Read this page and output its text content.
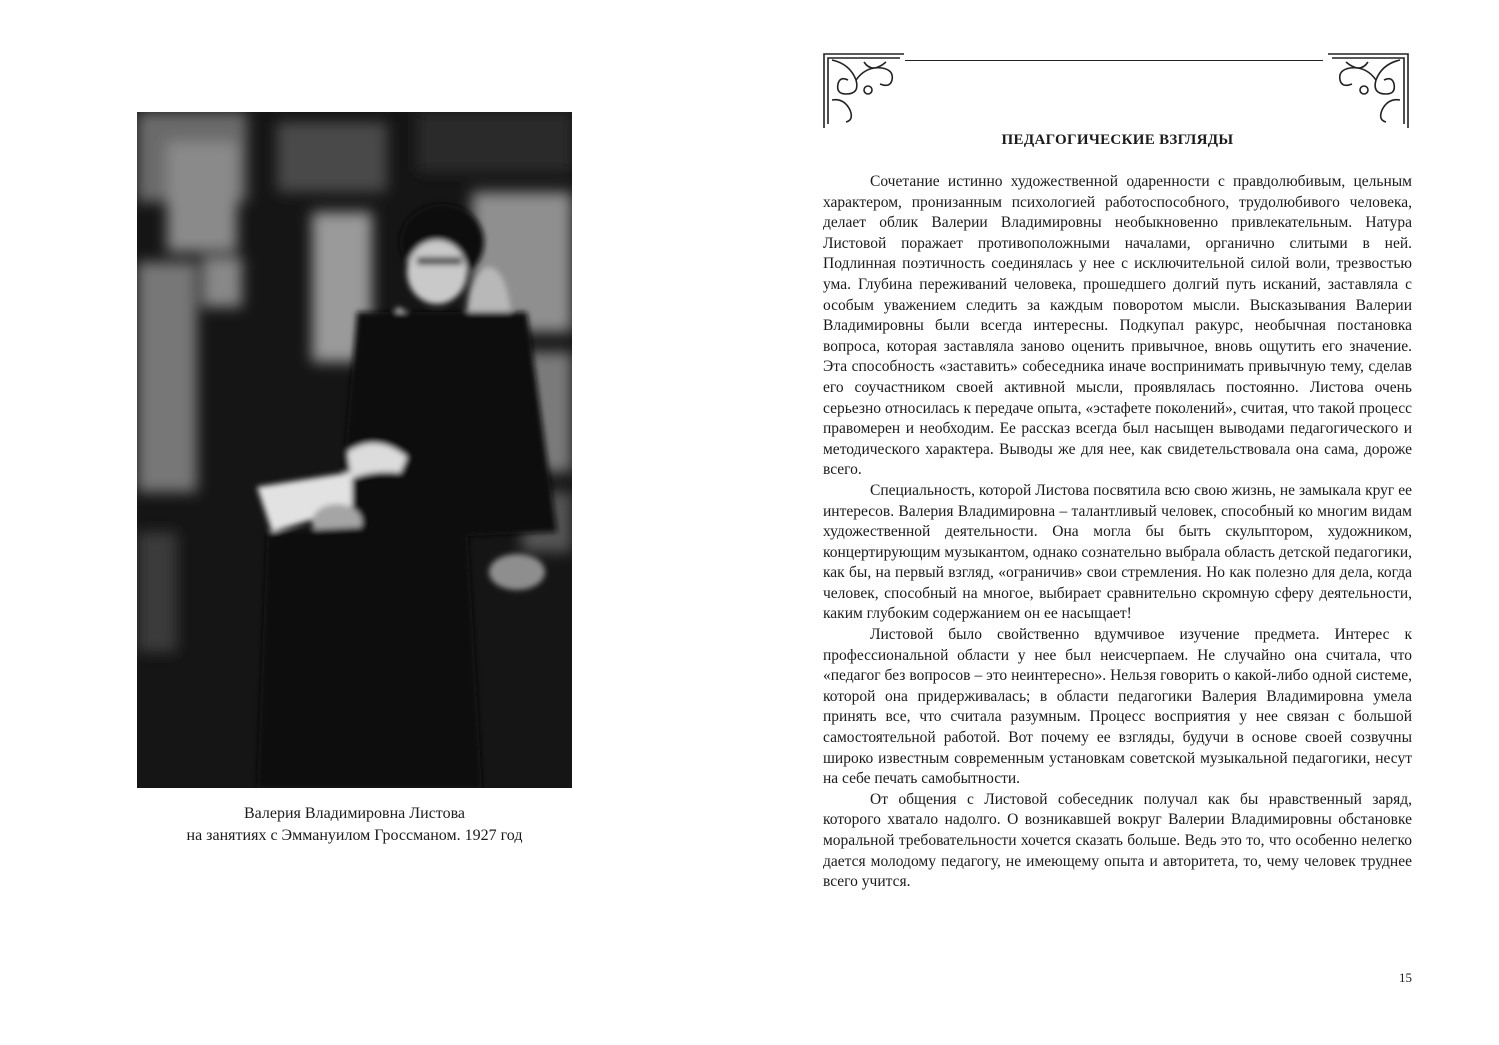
Валерия Владимировна Листова
на занятиях с Эммануилом Гроссманом. 1927 год
ПЕДАГОГИЧЕСКИЕ ВЗГЛЯДЫ

Сочетание истинно художественной одаренности с правдолюбивым, цельным характером, пронизанным психологией работоспособного, трудолюбивого человека, делает облик Валерии Владимировны необыкновенно привлекательным. Натура Листовой поражает противоположными началами, органично слитыми в ней. Подлинная поэтичность соединялась у нее с исключительной силой воли, трезвостью ума. Глубина переживаний человека, прошедшего долгий путь исканий, заставляла с особым уважением следить за каждым поворотом мысли. Высказывания Валерии Владимировны были всегда интересны. Подкупал ракурс, необычная постановка вопроса, которая заставляла заново оценить привычное, вновь ощутить его значение. Эта способность «заставить» собеседника иначе воспринимать привычную тему, сделав его соучастником своей активной мысли, проявлялась постоянно. Листова очень серьезно относилась к передаче опыта, «эстафете поколений», считая, что такой процесс правомерен и необходим. Ее рассказ всегда был насыщен выводами педагогического и методического характера. Выводы же для нее, как свидетельствовала она сама, дороже всего.

Специальность, которой Листова посвятила всю свою жизнь, не замыкала круг ее интересов. Валерия Владимировна – талантливый человек, способный ко многим видам художественной деятельности. Она могла бы быть скульптором, художником, концертирующим музыкантом, однако сознательно выбрала область детской педагогики, как бы, на первый взгляд, «ограничив» свои стремления. Но как полезно для дела, когда человек, способный на многое, выбирает сравнительно скромную сферу деятельности, каким глубоким содержанием он ее насыщает!

Листовой было свойственно вдумчивое изучение предмета. Интерес к профессиональной области у нее был неисчерпаем. Не случайно она считала, что «педагог без вопросов – это неинтересно». Нельзя говорить о какой-либо одной системе, которой она придерживалась; в области педагогики Валерия Владимировна умела принять все, что считала разумным. Процесс восприятия у нее связан с большой самостоятельной работой. Вот почему ее взгляды, будучи в основе своей созвучны широко известным современным установкам советской музыкальной педагогики, несут на себе печать самобытности.

От общения с Листовой собеседник получал как бы нравственный заряд, которого хватало надолго. О возникавшей вокруг Валерии Владимировны обстановке моральной требовательности хочется сказать больше. Ведь это то, что особенно нелегко дается молодому педагогу, не имеющему опыта и авторитета, то, чему человек труднее всего учится.

15
